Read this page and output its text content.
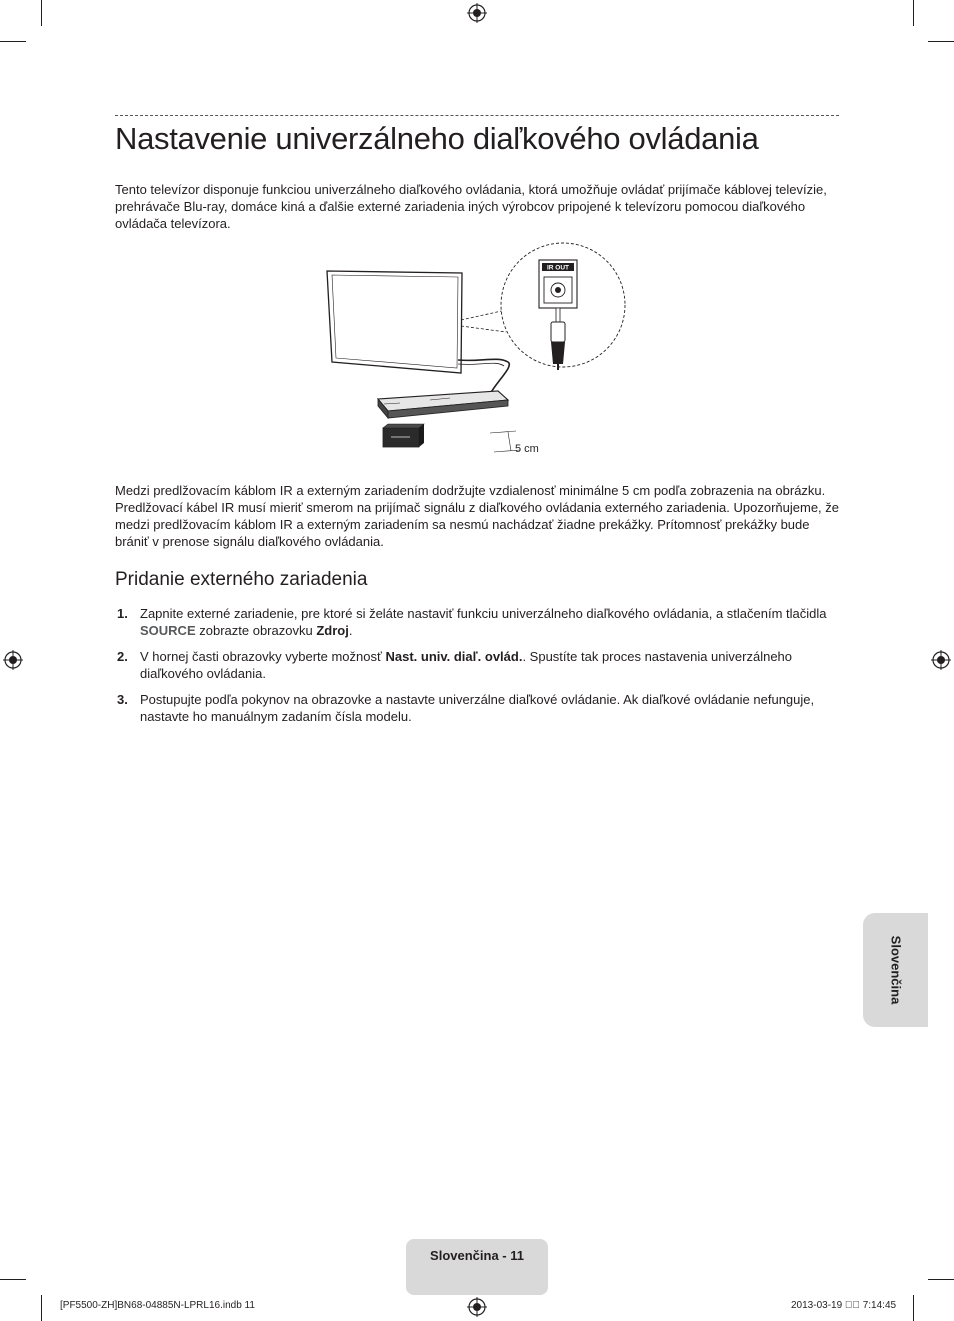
Nastavenie univerzálneho diaľkového ovládania

Tento televízor disponuje funkciou univerzálneho diaľkového ovládania, ktorá umožňuje ovládať prijímače káblovej televízie, prehrávače Blu-ray, domáce kiná a ďalšie externé zariadenia iných výrobcov pripojené k televízoru pomocou diaľkového ovládača televízora.

IR OUT
5 cm

Medzi predlžovacím káblom IR a externým zariadením dodržujte vzdialenosť minimálne 5 cm podľa zobrazenia na obrázku. Predlžovací kábel IR musí mieriť smerom na prijímač signálu z diaľkového ovládania externého zariadenia. Upozorňujeme, že medzi predlžovacím káblom IR a externým zariadením sa nesmú nachádzať žiadne prekážky. Prítomnosť prekážky bude brániť v prenose signálu diaľkového ovládania.

Pridanie externého zariadenia
1. Zapnite externé zariadenie, pre ktoré si želáte nastaviť funkciu univerzálneho diaľkového ovládania, a stlačením tlačidla SOURCE zobrazte obrazovku Zdroj.
2. V hornej časti obrazovky vyberte možnosť Nast. univ. diaľ. ovlád.. Spustíte tak proces nastavenia univerzálneho diaľkového ovládania.
3. Postupujte podľa pokynov na obrazovke a nastavte univerzálne diaľkové ovládanie. Ak diaľkové ovládanie nefunguje, nastavte ho manuálnym zadaním čísla modelu.
Slovenčina
Slovenčina - 11
[PF5500-ZH]BN68-04885N-LPRL16.indb 11	2013-03-19 ￿￿ 7:14:45
